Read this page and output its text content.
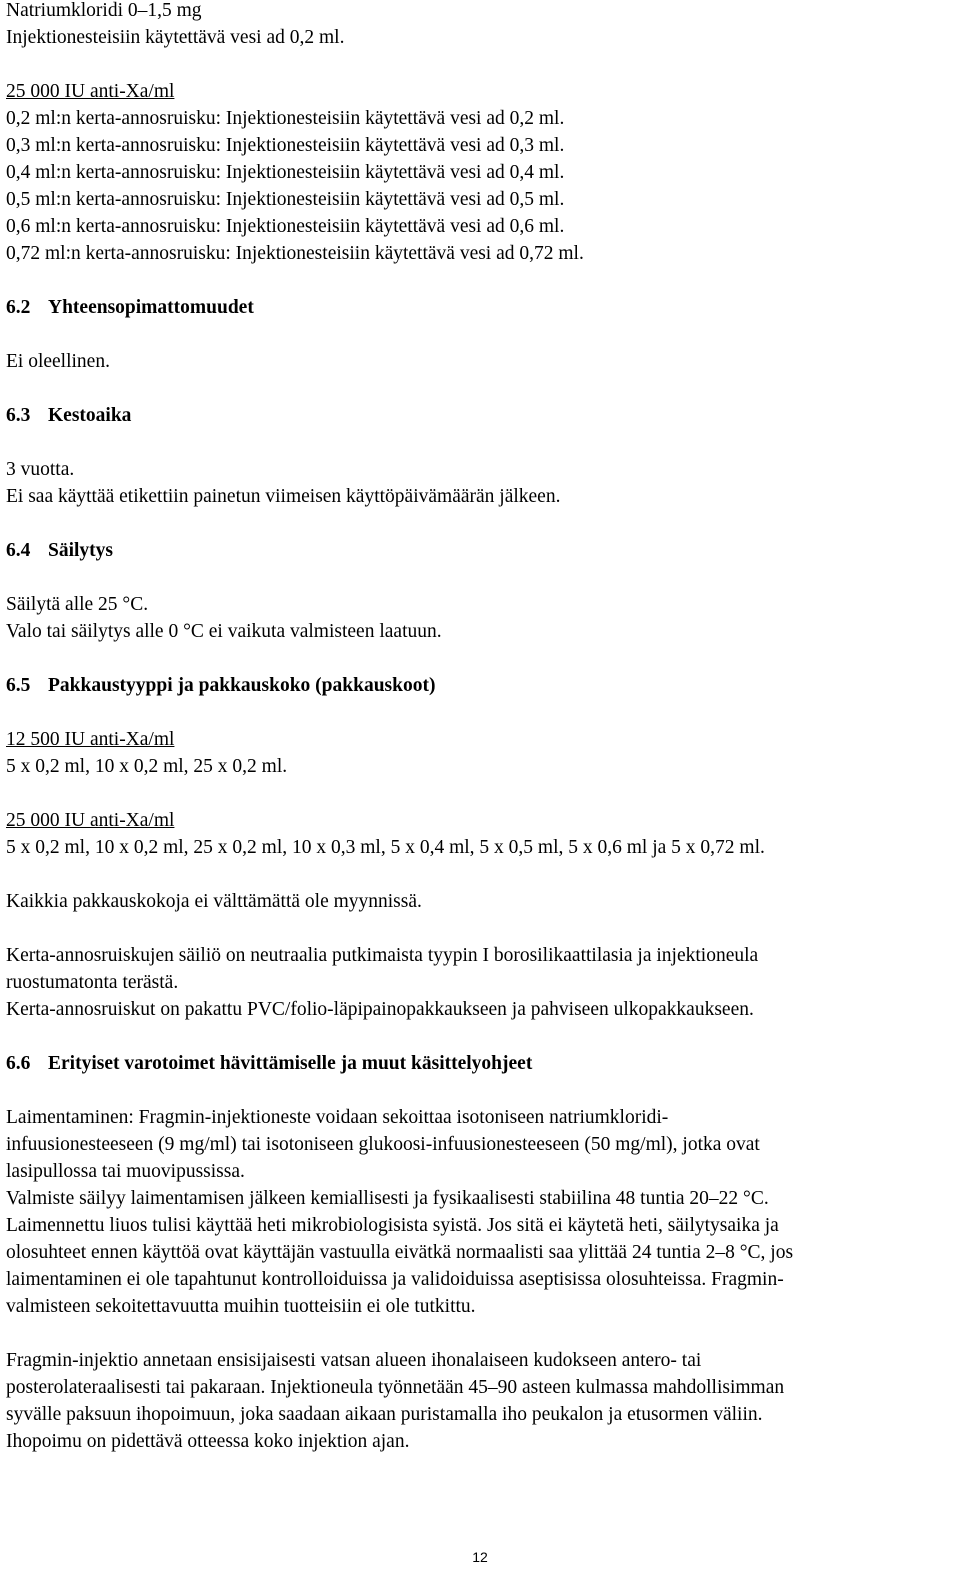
Natriumkloridi 0–1,5 mg
Injektionesteisiin käytettävä vesi ad 0,2 ml.
25 000 IU anti-Xa/ml
0,2 ml:n kerta-annosruisku: Injektionesteisiin käytettävä vesi ad 0,2 ml.
0,3 ml:n kerta-annosruisku: Injektionesteisiin käytettävä vesi ad 0,3 ml.
0,4 ml:n kerta-annosruisku: Injektionesteisiin käytettävä vesi ad 0,4 ml.
0,5 ml:n kerta-annosruisku: Injektionesteisiin käytettävä vesi ad 0,5 ml.
0,6 ml:n kerta-annosruisku: Injektionesteisiin käytettävä vesi ad 0,6 ml.
0,72 ml:n kerta-annosruisku: Injektionesteisiin käytettävä vesi ad 0,72 ml.
6.2 Yhteensopimattomuudet
Ei oleellinen.
6.3 Kestoaika
3 vuotta.
Ei saa käyttää etikettiin painetun viimeisen käyttöpäivämäärän jälkeen.
6.4 Säilytys
Säilytä alle 25 °C.
Valo tai säilytys alle 0 °C ei vaikuta valmisteen laatuun.
6.5 Pakkaustyyppi ja pakkauskoko (pakkauskoot)
12 500 IU anti-Xa/ml
5 x 0,2 ml, 10 x 0,2 ml, 25 x 0,2 ml.
25 000 IU anti-Xa/ml
5 x 0,2 ml, 10 x 0,2 ml, 25 x 0,2 ml, 10 x 0,3 ml, 5 x 0,4 ml, 5 x 0,5 ml, 5 x 0,6 ml ja 5 x 0,72 ml.
Kaikkia pakkauskokoja ei välttämättä ole myynnissä.
Kerta-annosruiskujen säiliö on neutraalia putkimaista tyypin I borosilikaattilasia ja injektioneula
ruostumatonta terästä.
Kerta-annosruiskut on pakattu PVC/folio-läpipainopakkaukseen ja pahviseen ulkopakkaukseen.
6.6 Erityiset varotoimet hävittämiselle ja muut käsittelyohjeet
Laimentaminen: Fragmin-injektioneste voidaan sekoittaa isotoniseen natriumkloridi-
infuusionesteeseen (9 mg/ml) tai isotoniseen glukoosi-infuusionesteeseen (50 mg/ml), jotka ovat
lasipullossa tai muovipussissa.
Valmiste säilyy laimentamisen jälkeen kemiallisesti ja fysikaalisesti stabiilina 48 tuntia 20–22 °C.
Laimennettu liuos tulisi käyttää heti mikrobiologisista syistä. Jos sitä ei käytetä heti, säilytysaika ja
olosuhteet ennen käyttöä ovat käyttäjän vastuulla eivätkä normaalisti saa ylittää 24 tuntia 2–8 °C, jos
laimentaminen ei ole tapahtunut kontrolloiduissa ja validoiduissa aseptisissa olosuhteissa. Fragmin-
valmisteen sekoitettavuutta muihin tuotteisiin ei ole tutkittu.
Fragmin-injektio annetaan ensisijaisesti vatsan alueen ihonalaiseen kudokseen antero- tai
posterolateraalisesti tai pakaraan. Injektioneula työnnetään 45–90 asteen kulmassa mahdollisimman
syvälle paksuun ihopoimuun, joka saadaan aikaan puristamalla iho peukalon ja etusormen väliin.
Ihopoimu on pidettävä otteessa koko injektion ajan.
12
